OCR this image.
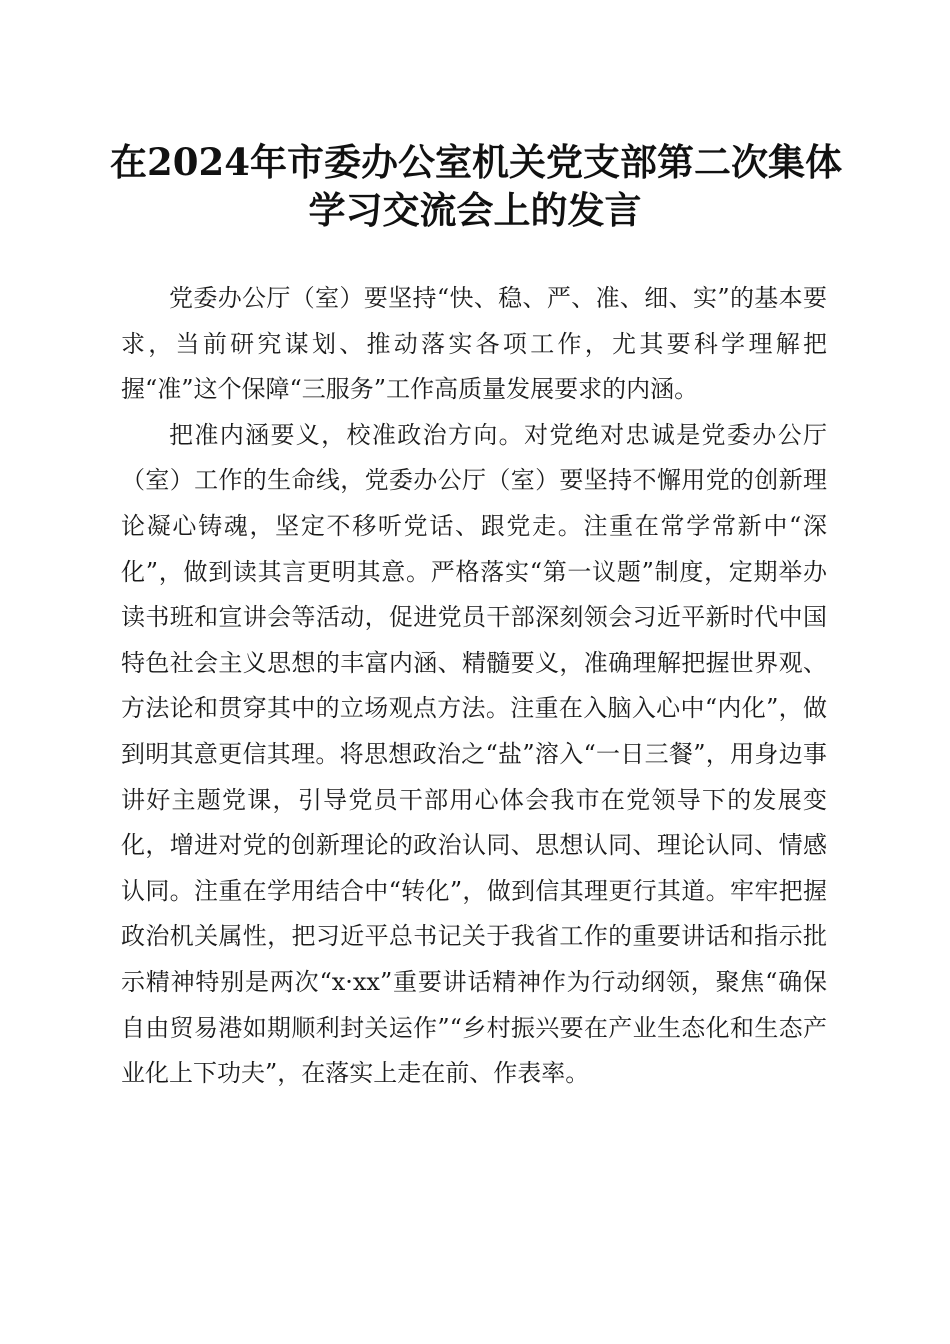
在2024年市委办公室机关党支部第二次集体
学习交流会上的发言

党委办公厅（室）要坚持“快、稳、严、准、细、实”的基本要求，当前研究谋划、推动落实各项工作，尤其要科学理解把握“准”这个保障“三服务”工作高质量发展要求的内涵。

把准内涵要义，校准政治方向。对党绝对忠诚是党委办公厅（室）工作的生命线，党委办公厅（室）要坚持不懈用党的创新理论凝心铸魂，坚定不移听党话、跟党走。注重在常学常新中“深化”，做到读其言更明其意。严格落实“第一议题”制度，定期举办读书班和宣讲会等活动，促进党员干部深刻领会习近平新时代中国特色社会主义思想的丰富内涵、精髓要义，准确理解把握世界观、方法论和贯穿其中的立场观点方法。注重在入脑入心中“内化”，做到明其意更信其理。将思想政治之“盐”溶入“一日三餐”，用身边事讲好主题党课，引导党员干部用心体会我市在党领导下的发展变化，增进对党的创新理论的政治认同、思想认同、理论认同、情感认同。注重在学用结合中“转化”，做到信其理更行其道。牢牢把握政治机关属性，把习近平总书记关于我省工作的重要讲话和指示批示精神特别是两次“x·xx”重要讲话精神作为行动纲领，聚焦“确保自由贸易港如期顺利封关运作”“乡村振兴要在产业生态化和生态产业化上下功夫”，在落实上走在前、作表率。
